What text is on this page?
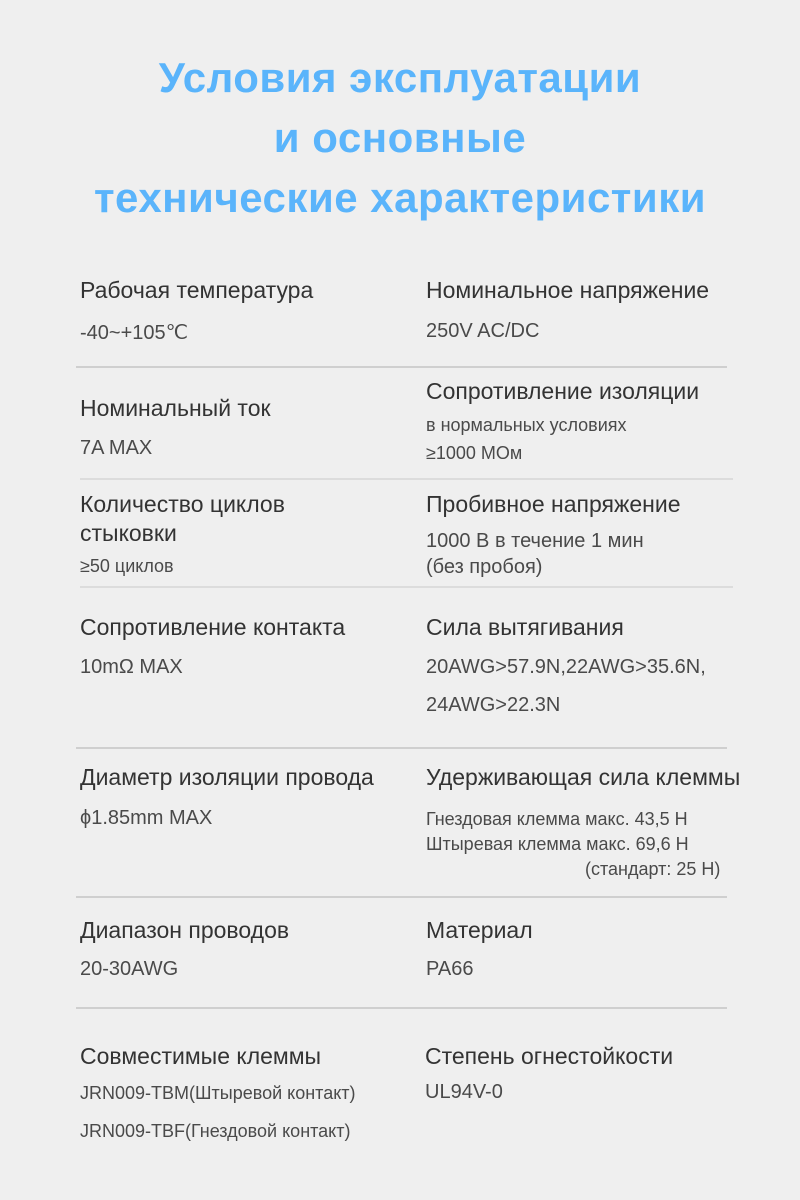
Условия эксплуатации
и основные
технические характеристики
Рабочая температура
-40~+105℃
Номинальное напряжение
250V AC/DC
Номинальный ток
7A MAX
Сопротивление изоляции
в нормальных условиях
≥1000 МОм
Количество циклов
стыковки
≥50 циклов
Пробивное напряжение
1000 В в течение 1 мин
(без пробоя)
Сопротивление контакта
10mΩ MAX
Сила вытягивания
20AWG>57.9N,22AWG>35.6N,
24AWG>22.3N
Диаметр изоляции провода
ϕ1.85mm MAX
Удерживающая сила клеммы
Гнездовая клемма макс. 43,5 Н
Штыревая клемма макс. 69,6 Н
(стандарт: 25 Н)
Диапазон проводов
20-30AWG
Материал
PA66
Совместимые клеммы
JRN009-TBM(Штыревой контакт)
JRN009-TBF(Гнездовой контакт)
Степень огнестойкости
UL94V-0
